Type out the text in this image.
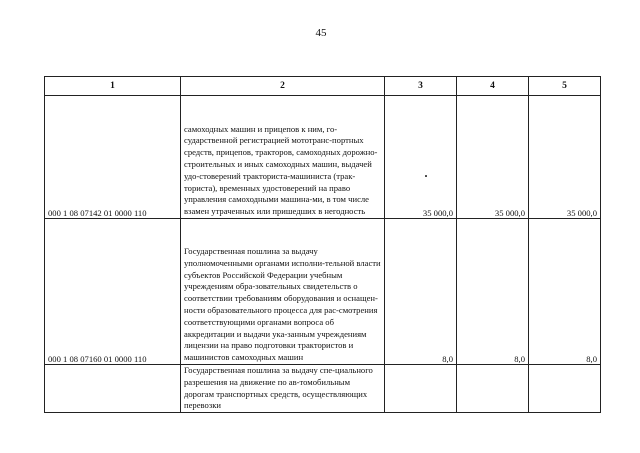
45
1	2	3	4	5
000 1 08 07142 01 0000 110	самоходных машин и прицепов к ним, го-сударственной регистрацией мототранс-портных средств, прицепов, тракторов, самоходных дорожно-строительных и иных самоходных машин, выдачей удо-стоверений тракториста-машиниста (трак-ториста), временных удостоверений на право управления самоходными машина-ми, в том числе взамен утраченных или пришедших в негодность	35 000,0	35 000,0	35 000,0
000 1 08 07160 01 0000 110	Государственная пошлина за выдачу уполномоченными органами исполни-тельной власти субъектов Российской Федерации учебным учреждениям обра-зовательных свидетельств о соответствии требованиям оборудования и оснащен-ности образовательного процесса для рас-смотрения соответствующими органами вопроса об аккредитации и выдачи ука-занным учреждениям лицензии на право подготовки трактористов и машинистов самоходных машин	8,0	8,0	8,0
	Государственная пошлина за выдачу спе-циального разрешения на движение по ав-томобильным дорогам транспортных средств, осуществляющих перевозки			
